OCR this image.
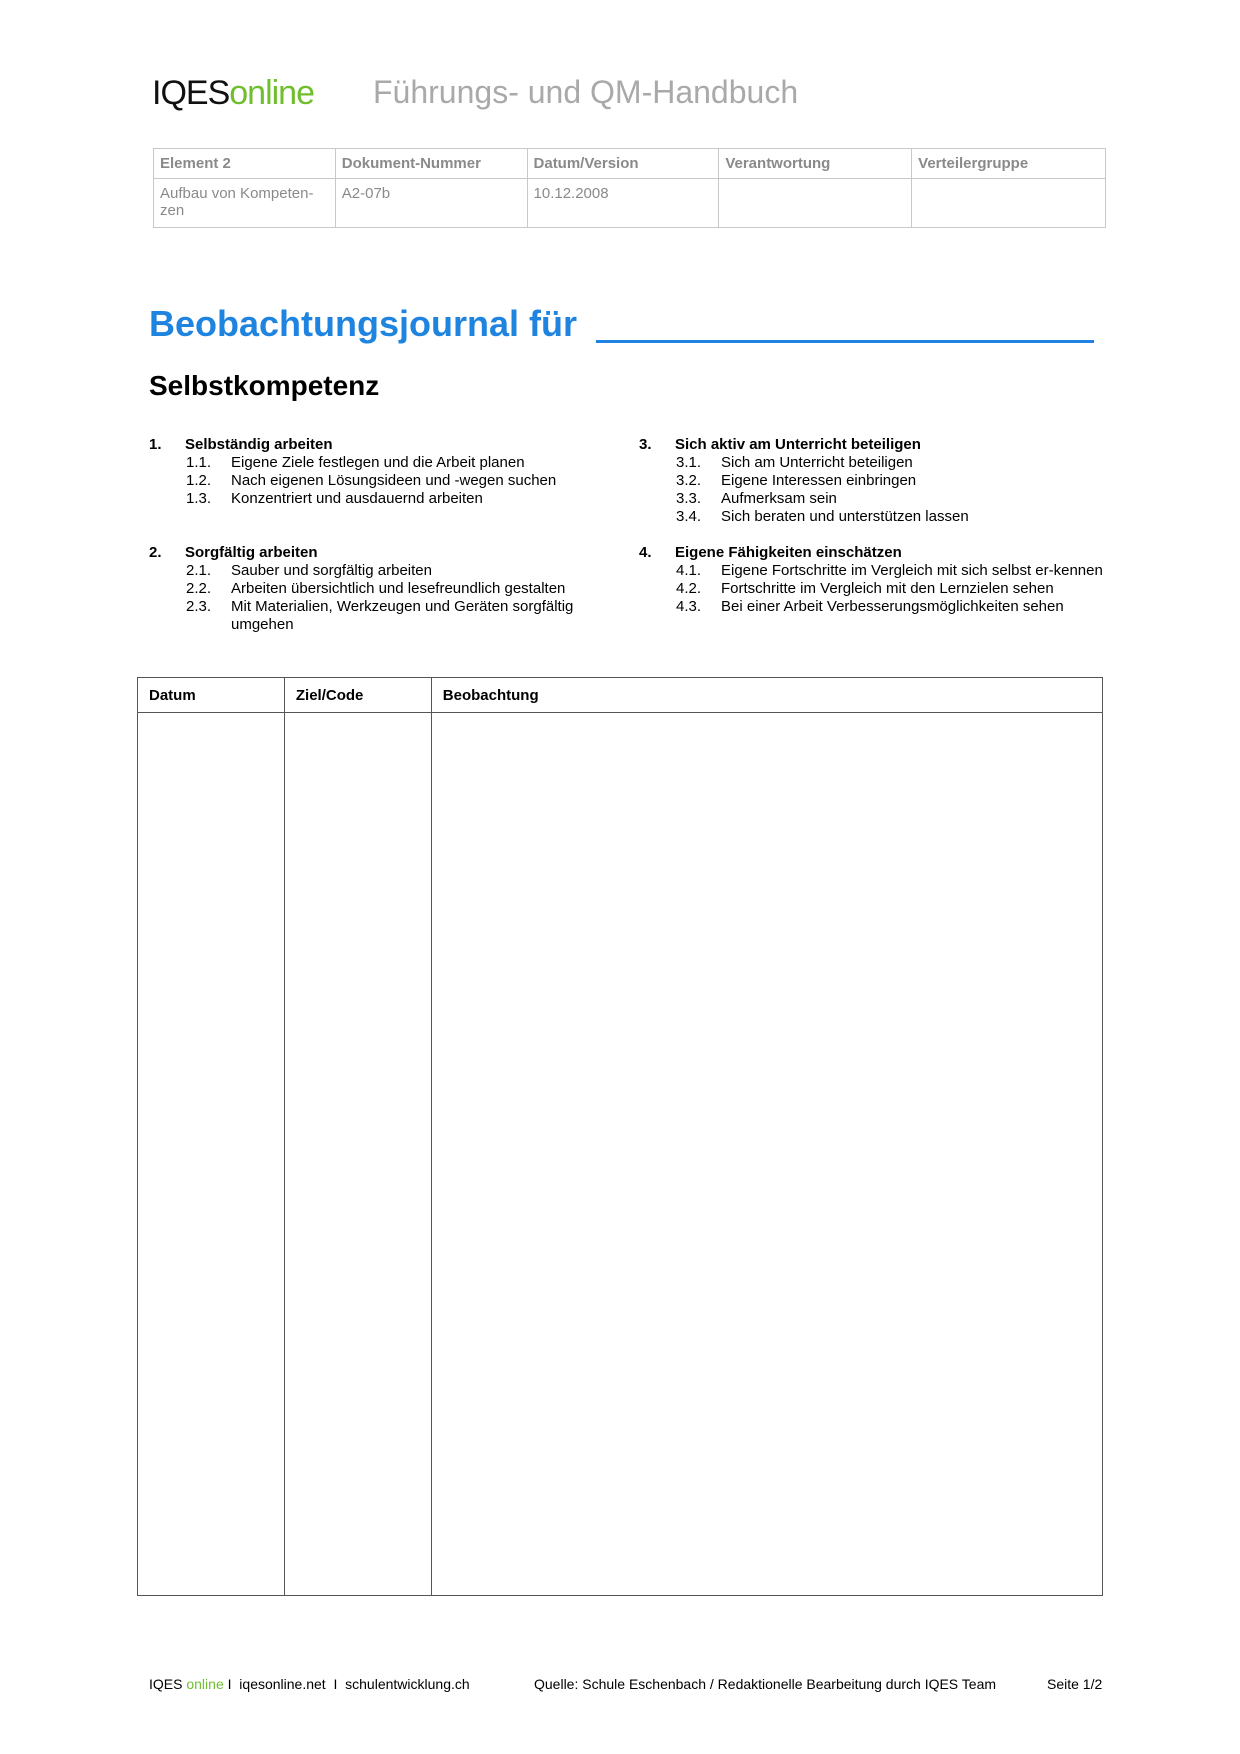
IQESonline Führungs- und QM-Handbuch
Element 2	Dokument-Nummer	Datum/Version	Verantwortung	Verteilergruppe
Aufbau von Kompeten-zen	A2-07b	10.12.2008		
Beobachtungsjournal für
Selbstkompetenz
1.	Selbständig arbeiten
1.1.	Eigene Ziele festlegen und die Arbeit planen
1.2.	Nach eigenen Lösungsideen und -wegen suchen
1.3.	Konzentriert und ausdauernd arbeiten
2.	Sorgfältig arbeiten
2.1.	Sauber und sorgfältig arbeiten
2.2.	Arbeiten übersichtlich und lesefreundlich gestalten
2.3.	Mit Materialien, Werkzeugen und Geräten sorgfältig umgehen
3.	Sich aktiv am Unterricht beteiligen
3.1.	Sich am Unterricht beteiligen
3.2.	Eigene Interessen einbringen
3.3.	Aufmerksam sein
3.4.	Sich beraten und unterstützen lassen
4.	Eigene Fähigkeiten einschätzen
4.1.	Eigene Fortschritte im Vergleich mit sich selbst er-kennen
4.2.	Fortschritte im Vergleich mit den Lernzielen sehen
4.3.	Bei einer Arbeit Verbesserungsmöglichkeiten sehen
Datum	Ziel/Code	Beobachtung

IQES online I  iqesonline.net  I  schulentwicklung.ch	Quelle: Schule Eschenbach / Redaktionelle Bearbeitung durch IQES Team	Seite 1/2
